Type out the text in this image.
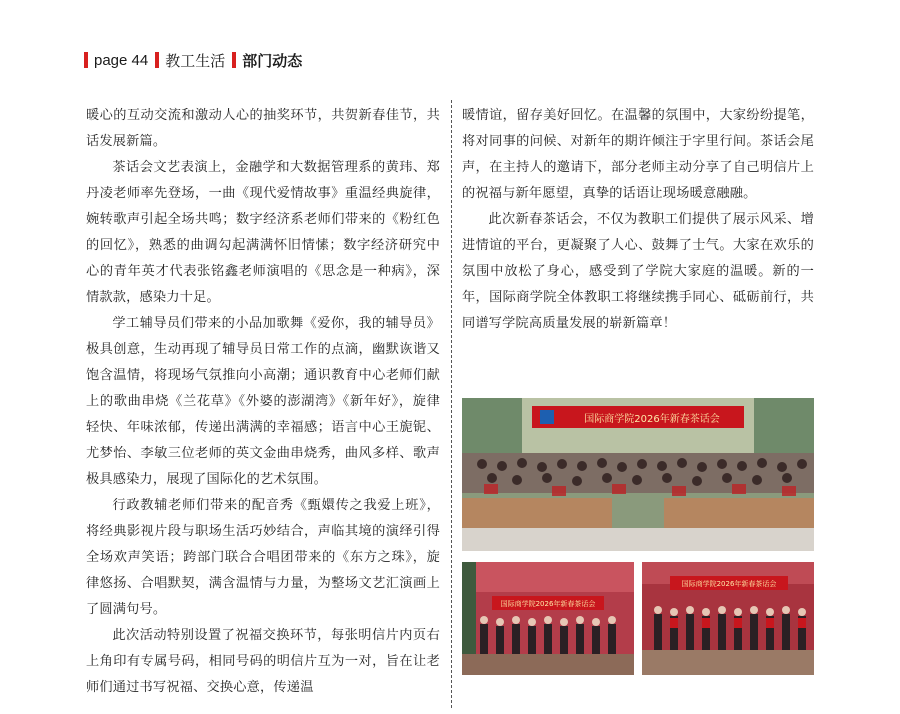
page 44 教工生活 部门动态

暖心的互动交流和激动人心的抽奖环节，共贺新春佳节，共话发展新篇。

茶话会文艺表演上，金融学和大数据管理系的黄玮、郑丹凌老师率先登场，一曲《现代爱情故事》重温经典旋律，婉转歌声引起全场共鸣；数字经济系老师们带来的《粉红色的回忆》，熟悉的曲调勾起满满怀旧情愫；数字经济研究中心的青年英才代表张铭鑫老师演唱的《思念是一种病》，深情款款，感染力十足。

学工辅导员们带来的小品加歌舞《爱你，我的辅导员》极具创意，生动再现了辅导员日常工作的点滴，幽默诙谐又饱含温情，将现场气氛推向小高潮；通识教育中心老师们献上的歌曲串烧《兰花草》《外婆的澎湖湾》《新年好》，旋律轻快、年味浓郁，传递出满满的幸福感；语言中心王旎铌、尤梦怡、李敏三位老师的英文金曲串烧秀，曲风多样、歌声极具感染力，展现了国际化的艺术氛围。

行政教辅老师们带来的配音秀《甄嬛传之我爱上班》，将经典影视片段与职场生活巧妙结合，声临其境的演绎引得全场欢声笑语；跨部门联合合唱团带来的《东方之珠》，旋律悠扬、合唱默契，满含温情与力量，为整场文艺汇演画上了圆满句号。

此次活动特别设置了祝福交换环节，每张明信片内页右上角印有专属号码，相同号码的明信片互为一对，旨在让老师们通过书写祝福、交换心意，传递温

暖情谊，留存美好回忆。在温馨的氛围中，大家纷纷提笔，将对同事的问候、对新年的期许倾注于字里行间。茶话会尾声，在主持人的邀请下，部分老师主动分享了自己明信片上的祝福与新年愿望，真挚的话语让现场暖意融融。

此次新春茶话会，不仅为教职工们提供了展示风采、增进情谊的平台，更凝聚了人心、鼓舞了士气。大家在欢乐的氛围中放松了身心，感受到了学院大家庭的温暖。新的一年，国际商学院全体教职工将继续携手同心、砥砺前行，共同谱写学院高质量发展的崭新篇章！

国际商学院2026年新春茶话会
国际商学院2026年新春茶话会
国际商学院2026年新春茶话会
